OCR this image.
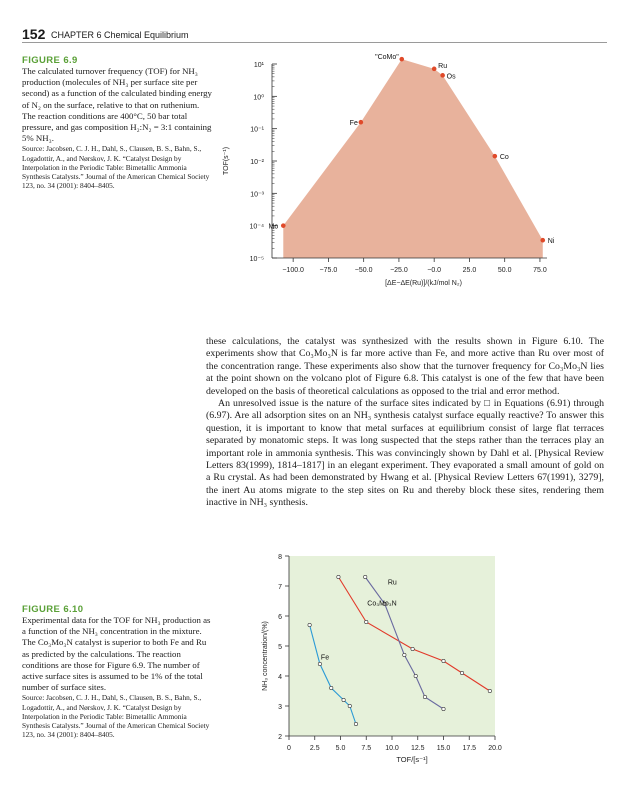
152 CHAPTER 6 Chemical Equilibrium
FIGURE 6.9
The calculated turnover frequency (TOF) for NH₃ production (molecules of NH₃ per surface site per second) as a function of the calculated binding energy of N₂ on the surface, relative to that on ruthenium. The reaction conditions are 400°C, 50 bar total pressure, and gas composition H₂:N₂ = 3:1 containing 5% NH₃.
Source: Jacobsen, C. J. H., Dahl, S., Clausen, B. S., Bahn, S., Logadottir, A., and Nørskov, J. K. “Catalyst Design by Interpolation in the Periodic Table: Bimetallic Ammonia Synthesis Catalysts.” Journal of the American Chemical Society 123, no. 34 (2001): 8404–8405.
10¹
10⁰
10⁻¹
10⁻²
10⁻³
10⁻⁴
10⁻⁵
−100.0 −75.0	−50.0	−25.0	−0.0	25.0	50.0	75.0
[ΔE−ΔE(Ru)]/(kJ/mol N₂)
TOF(s⁻¹)
Mo
Fe
"CoMo"
Ru
Os
Co
Ni

these calculations, the catalyst was synthesized with the results shown in Figure 6.10. The experiments show that Co₃Mo₃N is far more active than Fe, and more active than Ru over most of the concentration range. These experiments also show that the turnover frequency for Co₃Mo₃N lies at the point shown on the volcano plot of Figure 6.8. This catalyst is one of the few that have been developed on the basis of theoretical calculations as opposed to the trial and error method.

An unresolved issue is the nature of the surface sites indicated by □ in Equations (6.91) through (6.97). Are all adsorption sites on an NH₃ synthesis catalyst surface equally reactive? To answer this question, it is important to know that metal surfaces at equilibrium consist of large flat terraces separated by monatomic steps. It was long suspected that the steps rather than the terraces play an important role in ammonia synthesis. This was convincingly shown by Dahl et al. [Physical Review Letters 83(1999), 1814–1817] in an elegant experiment. They evaporated a small amount of gold on a Ru crystal. As had been demonstrated by Hwang et al. [Physical Review Letters 67(1991), 3279], the inert Au atoms migrate to the step sites on Ru and thereby block these sites, rendering them inactive in NH₃ synthesis.

FIGURE 6.10
Experimental data for the TOF for NH₃ production as a function of the NH₃ concentration in the mixture. The Co₃Mo₃N catalyst is superior to both Fe and Ru as predicted by the calculations. The reaction conditions are those for Figure 6.9. The number of active surface sites is assumed to be 1% of the total number of surface sites.
Source: Jacobsen, C. J. H., Dahl, S., Clausen, B. S., Bahn, S., Logadottir, A., and Nørskov, J. K. “Catalyst Design by Interpolation in the Periodic Table: Bimetallic Ammonia Synthesis Catalysts.” Journal of the American Chemical Society 123, no. 34 (2001): 8404–8405.	2
3
4
5
6
7
8
0	2.5 5.0 7.5 10.0 12.5 15.0 17.5 20.0
TOF/[s⁻¹]
NH₃ concentration/(%)	Fe
Co₃Mo₃N
Ru
